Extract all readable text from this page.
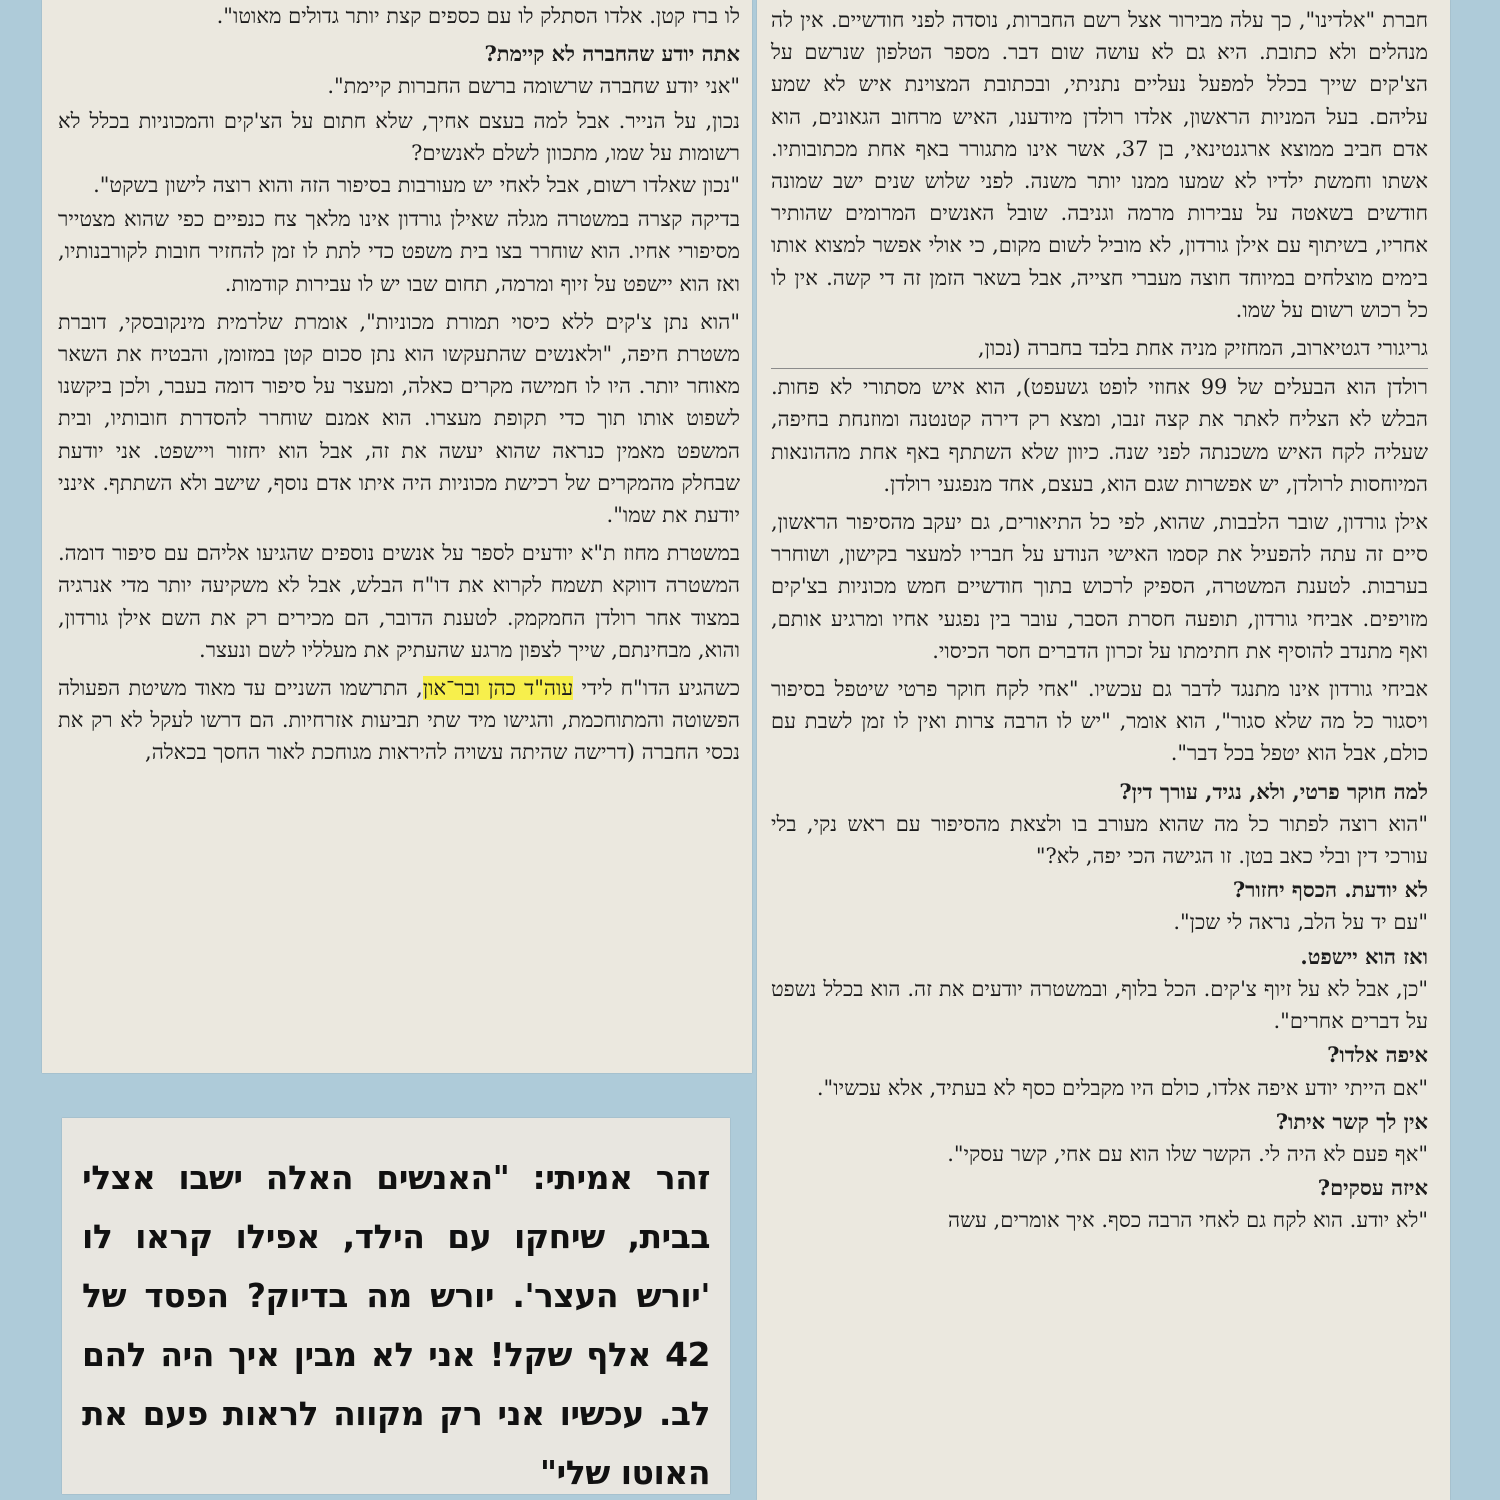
חברת "אלדינו", כך עלה מבירור אצל רשם החברות, נוסדה לפני חודשיים. אין לה מנהלים ולא כתובת. היא גם לא עושה שום דבר. מספר הטלפון שנרשם על הצ'קים שייך בכלל למפעל נעליים נתניתי, ובכתובת המצוינת איש לא שמע עליהם. בעל המניות הראשון, אלדו רולדן מיודענו, האיש מרחוב הגאונים, הוא אדם חביב ממוצא ארגנטינאי, בן 37, אשר אינו מתגורר באף אחת מכתובותיו. אשתו וחמשת ילדיו לא שמעו ממנו יותר משנה. לפני שלוש שנים ישב שמונה חודשים בשאטה על עבירות מרמה וגניבה. שובל האנשים המרומים שהותיר אחריו, בשיתוף עם אילן גורדון, לא מוביל לשום מקום, כי אולי אפשר למצוא אותו בימים מוצלחים במיוחד חוצה מעברי חצייה, אבל בשאר הזמן זה די קשה. אין לו כל רכוש רשום על שמו.

גריגורי דגטיארוב, המחזיק מניה אחת בלבד בחברה (נכון,

רולדן הוא הבעלים של 99 אחוזי לופט גשעפט), הוא איש מסתורי לא פחות. הבלש לא הצליח לאתר את קצה זנבו, ומצא רק דירה קטנטנה ומוזנחת בחיפה, שעליה לקח האיש משכנתה לפני שנה. כיוון שלא השתתף באף אחת מההונאות המיוחסות לרולדן, יש אפשרות שגם הוא, בעצם, אחד מנפגעי רולדן.

אילן גורדון, שובר הלבבות, שהוא, לפי כל התיאורים, גם יעקב מהסיפור הראשון, סיים זה עתה להפעיל את קסמו האישי הנודע על חבריו למעצר בקישון, ושוחרר בערבות. לטענת המשטרה, הספיק לרכוש בתוך חודשיים חמש מכוניות בצ'קים מזויפים. אביחי גורדון, תופעה חסרת הסבר, עובר בין נפגעי אחיו ומרגיע אותם, ואף מתנדב להוסיף את חתימתו על זכרון הדברים חסר הכיסוי.

אביחי גורדון אינו מתנגד לדבר גם עכשיו. "אחי לקח חוקר פרטי שיטפל בסיפור ויסגור כל מה שלא סגור", הוא אומר, "יש לו הרבה צרות ואין לו זמן לשבת עם כולם, אבל הוא יטפל בכל דבר".

למה חוקר פרטי, ולא, נגיד, עורך דין?

"הוא רוצה לפתור כל מה שהוא מעורב בו ולצאת מהסיפור עם ראש נקי, בלי עורכי דין ובלי כאב בטן. זו הגישה הכי יפה, לא?"

לא יודעת. הכסף יחזור?

"עם יד על הלב, נראה לי שכן".

ואז הוא יישפט.

"כן, אבל לא על זיוף צ'קים. הכל בלוף, ובמשטרה יודעים את זה. הוא בכלל נשפט על דברים אחרים".

איפה אלדו?

"אם הייתי יודע איפה אלדו, כולם היו מקבלים כסף לא בעתיד, אלא עכשיו".

אין לך קשר איתו?

"אף פעם לא היה לי. הקשר שלו הוא עם אחי, קשר עסקי".

איזה עסקים?

"לא יודע. הוא לקח גם לאחי הרבה כסף. איך אומרים, עשה

לו ברז קטן. אלדו הסתלק לו עם כספים קצת יותר גדולים מאוטו".

אתה יודע שהחברה לא קיימת?

"אני יודע שחברה שרשומה ברשם החברות קיימת".

נכון, על הנייר. אבל למה בעצם אחיך, שלא חתום על הצ'קים והמכוניות בכלל לא רשומות על שמו, מתכוון לשלם לאנשים?

"נכון שאלדו רשום, אבל לאחי יש מעורבות בסיפור הזה והוא רוצה לישון בשקט".

בדיקה קצרה במשטרה מגלה שאילן גורדון אינו מלאך צח כנפיים כפי שהוא מצטייר מסיפורי אחיו. הוא שוחרר בצו בית משפט כדי לתת לו זמן להחזיר חובות לקורבנותיו, ואז הוא יישפט על זיוף ומרמה, תחום שבו יש לו עבירות קודמות.

"הוא נתן צ'קים ללא כיסוי תמורת מכוניות", אומרת שלרמית מינקובסקי, דוברת משטרת חיפה, "ולאנשים שהתעקשו הוא נתן סכום קטן במזומן, והבטיח את השאר מאוחר יותר. היו לו חמישה מקרים כאלה, ומעצר על סיפור דומה בעבר, ולכן ביקשנו לשפוט אותו תוך כדי תקופת מעצרו. הוא אמנם שוחרר להסדרת חובותיו, ובית המשפט מאמין כנראה שהוא יעשה את זה, אבל הוא יחזור ויישפט. אני יודעת שבחלק מהמקרים של רכישת מכוניות היה איתו אדם נוסף, שישב ולא השתתף. אינני יודעת את שמו".

במשטרת מחוז ת"א יודעים לספר על אנשים נוספים שהגיעו אליהם עם סיפור דומה. המשטרה דווקא תשמח לקרוא את דו"ח הבלש, אבל לא משקיעה יותר מדי אנרגיה במצוד אחר רולדן החמקמק. לטענת הדובר, הם מכירים רק את השם אילן גורדון, והוא, מבחינתם, שייך לצפון מרגע שהעתיק את מעלליו לשם ונעצר.

כשהגיע הדו"ח לידי עוה"ד כהן ובר־און, התרשמו השניים עד מאוד משיטת הפעולה הפשוטה והמתוחכמת, והגישו מיד שתי תביעות אזרחיות. הם דרשו לעקל לא רק את נכסי החברה (דרישה שהיתה עשויה להיראות מגוחכת לאור החסך בכאלה,

זהר אמיתי: "האנשים האלה ישבו אצלי בבית, שיחקו עם הילד, אפילו קראו לו 'יורש העצר'. יורש מה בדיוק? הפסד של 42 אלף שקל! אני לא מבין איך היה להם לב. עכשיו אני רק מקווה לראות פעם את האוטו שלי"
